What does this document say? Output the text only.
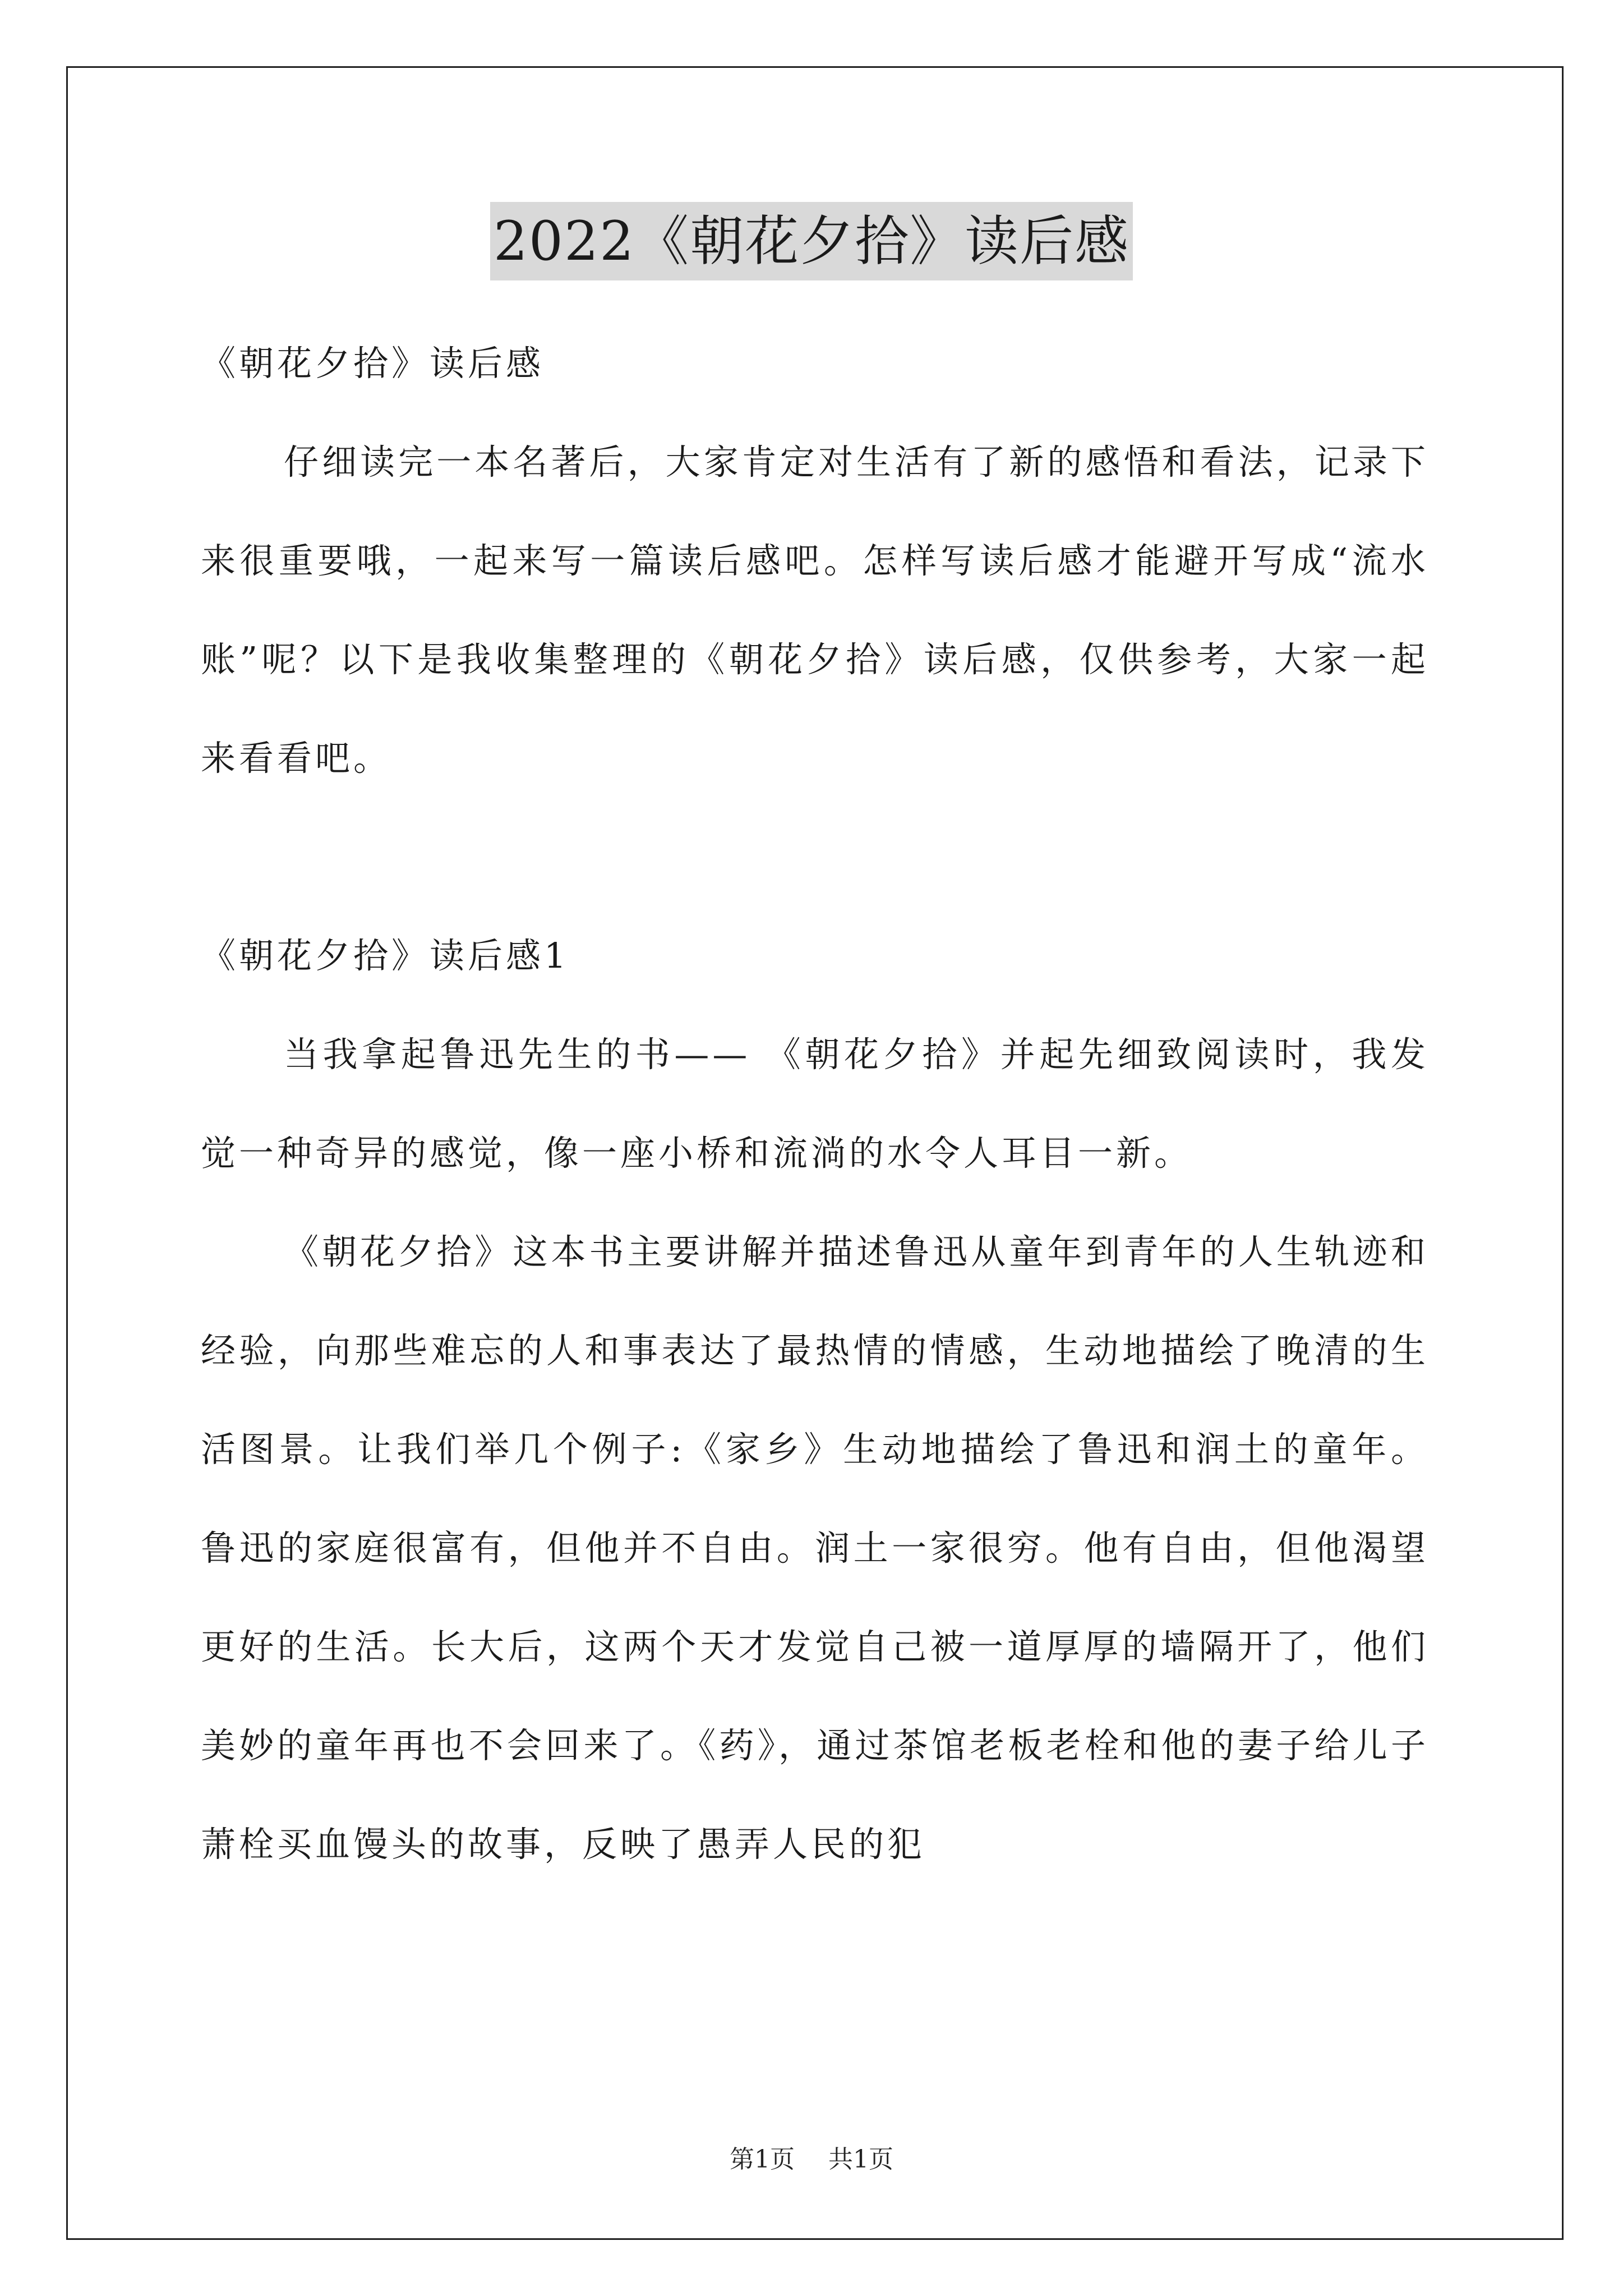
2022《朝花夕拾》读后感

《朝花夕拾》读后感

仔细读完一本名著后，大家肯定对生活有了新的感悟和看法，记录下来很重要哦，一起来写一篇读后感吧。怎样写读后感才能避开写成“流水账”呢？以下是我收集整理的《朝花夕拾》读后感，仅供参考，大家一起来看看吧。

《朝花夕拾》读后感1

当我拿起鲁迅先生的书—— 《朝花夕拾》并起先细致阅读时，我发觉一种奇异的感觉，像一座小桥和流淌的水令人耳目一新。

《朝花夕拾》这本书主要讲解并描述鲁迅从童年到青年的人生轨迹和经验，向那些难忘的人和事表达了最热情的情感，生动地描绘了晚清的生活图景。让我们举几个例子:《家乡》生动地描绘了鲁迅和润土的童年。鲁迅的家庭很富有，但他并不自由。润土一家很穷。他有自由，但他渴望更好的生活。长大后，这两个天才发觉自己被一道厚厚的墙隔开了，他们美妙的童年再也不会回来了。《药》，通过茶馆老板老栓和他的妻子给儿子萧栓买血馒头的故事，反映了愚弄人民的犯

第1页 共1页
